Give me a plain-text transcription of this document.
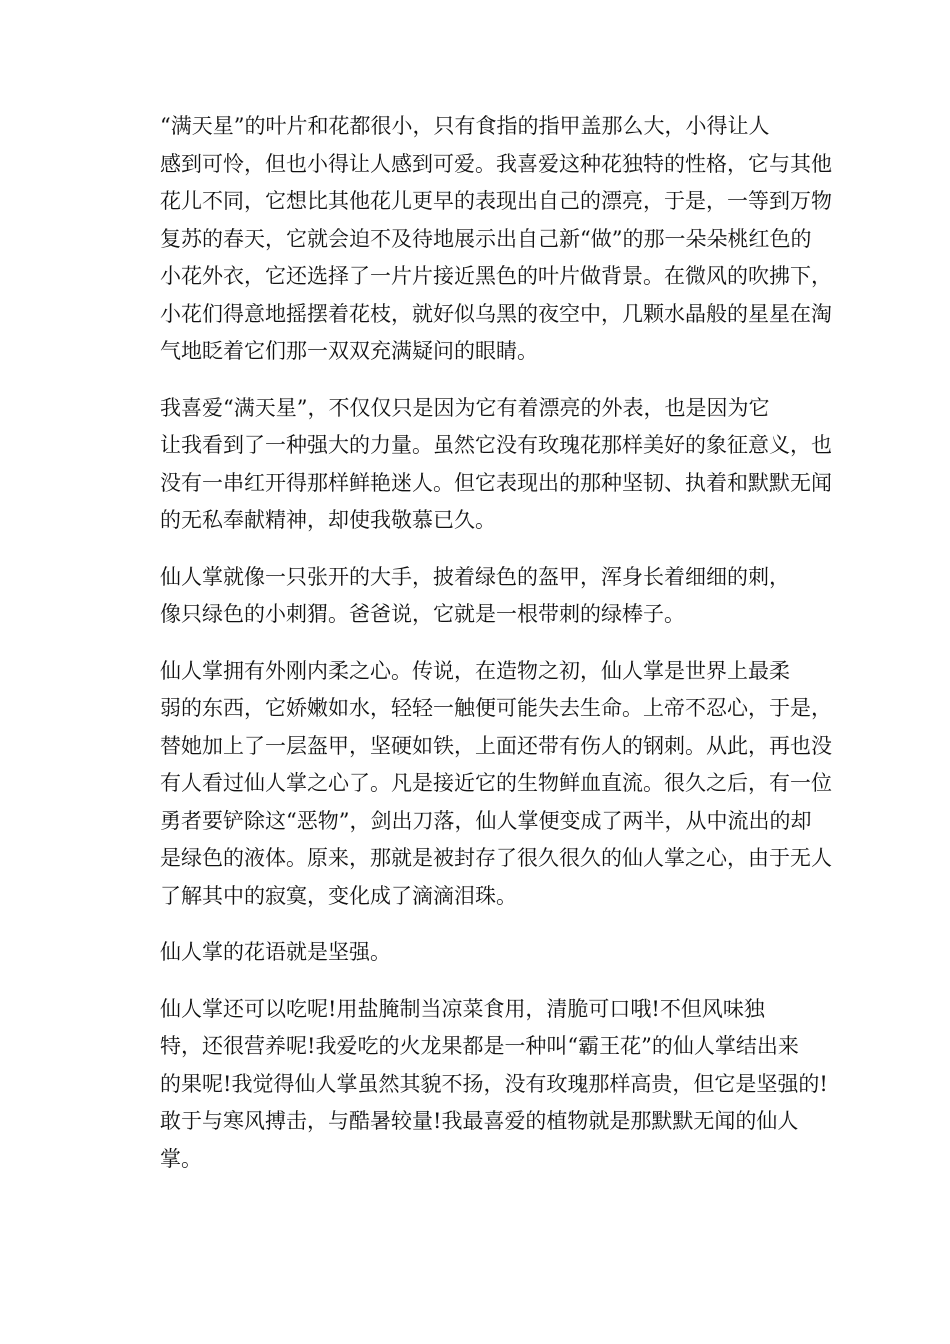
“满天星”的叶片和花都很小，只有食指的指甲盖那么大，小得让人
感到可怜，但也小得让人感到可爱。我喜爱这种花独特的性格，它与其他
花儿不同，它想比其他花儿更早的表现出自己的漂亮，于是，一等到万物
复苏的春天，它就会迫不及待地展示出自己新“做”的那一朵朵桃红色的
小花外衣，它还选择了一片片接近黑色的叶片做背景。在微风的吹拂下，
小花们得意地摇摆着花枝，就好似乌黑的夜空中，几颗水晶般的星星在淘
气地眨着它们那一双双充满疑问的眼睛。

我喜爱“满天星”，不仅仅只是因为它有着漂亮的外表，也是因为它
让我看到了一种强大的力量。虽然它没有玫瑰花那样美好的象征意义，也
没有一串红开得那样鲜艳迷人。但它表现出的那种坚韧、执着和默默无闻
的无私奉献精神，却使我敬慕已久。

仙人掌就像一只张开的大手，披着绿色的盔甲，浑身长着细细的刺，
像只绿色的小刺猬。爸爸说，它就是一根带刺的绿棒子。

仙人掌拥有外刚内柔之心。传说，在造物之初，仙人掌是世界上最柔
弱的东西，它娇嫩如水，轻轻一触便可能失去生命。上帝不忍心，于是，
替她加上了一层盔甲，坚硬如铁，上面还带有伤人的钢刺。从此，再也没
有人看过仙人掌之心了。凡是接近它的生物鲜血直流。很久之后，有一位
勇者要铲除这“恶物”，剑出刀落，仙人掌便变成了两半，从中流出的却
是绿色的液体。原来，那就是被封存了很久很久的仙人掌之心，由于无人
了解其中的寂寞，变化成了滴滴泪珠。

仙人掌的花语就是坚强。

仙人掌还可以吃呢!用盐腌制当凉菜食用，清脆可口哦!不但风味独
特，还很营养呢!我爱吃的火龙果都是一种叫“霸王花”的仙人掌结出来
的果呢!我觉得仙人掌虽然其貌不扬，没有玫瑰那样高贵，但它是坚强的!
敢于与寒风搏击，与酷暑较量!我最喜爱的植物就是那默默无闻的仙人
掌。
